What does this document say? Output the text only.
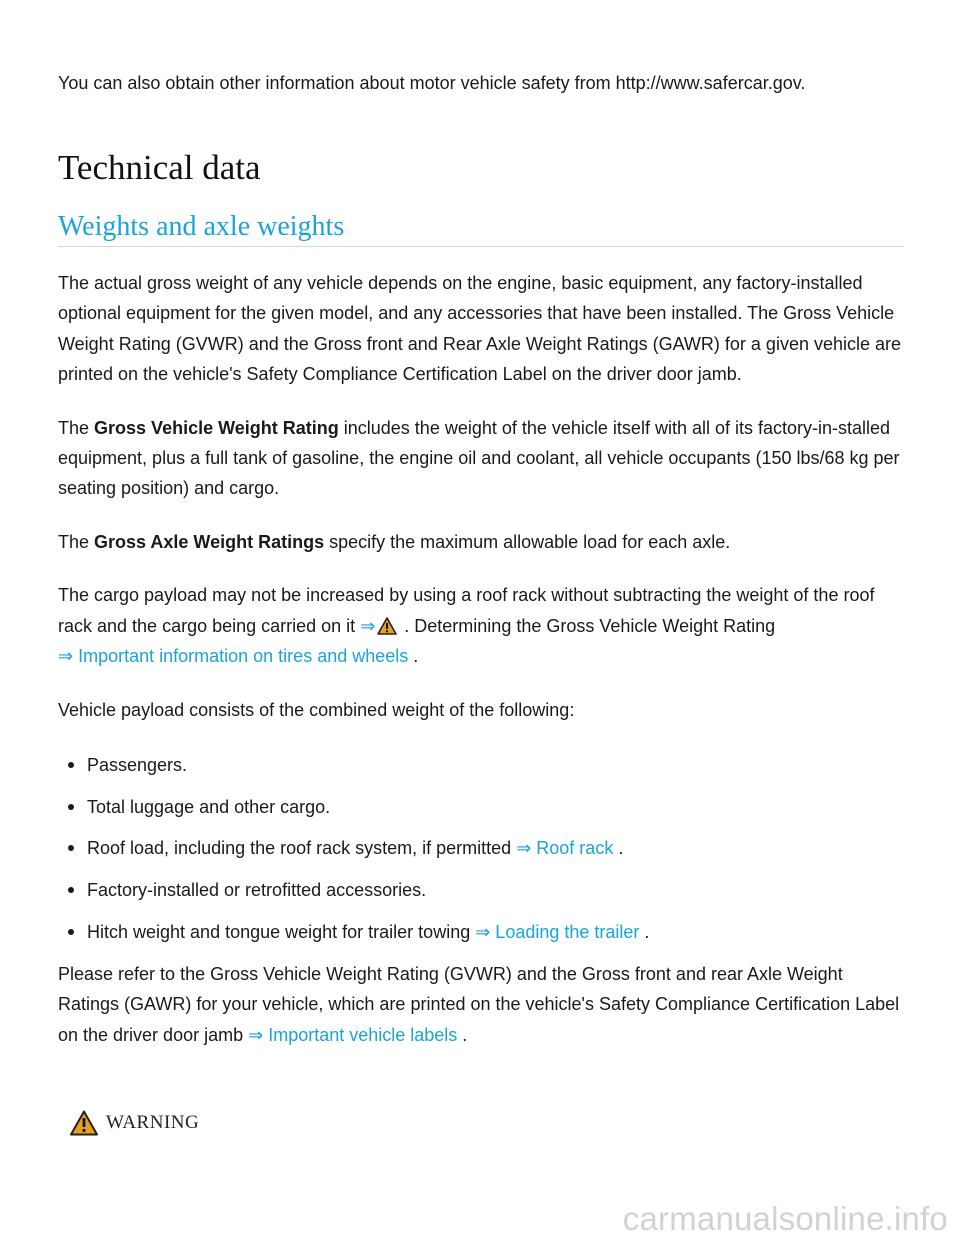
You can also obtain other information about motor vehicle safety from http://www.safercar.gov.

Technical data
Weights and axle weights

The actual gross weight of any vehicle depends on the engine, basic equipment, any factory-installed optional equipment for the given model, and any accessories that have been installed. The Gross Vehicle Weight Rating (GVWR) and the Gross front and Rear Axle Weight Ratings (GAWR) for a given vehicle are printed on the vehicle's Safety Compliance Certification Label on the driver door jamb.

The Gross Vehicle Weight Rating includes the weight of the vehicle itself with all of its factory-in-stalled equipment, plus a full tank of gasoline, the engine oil and coolant, all vehicle occupants (150 lbs/68 kg per seating position) and cargo.

The Gross Axle Weight Ratings specify the maximum allowable load for each axle.

The cargo payload may not be increased by using a roof rack without subtracting the weight of the roof rack and the cargo being carried on it ⇒ . Determining the Gross Vehicle Weight Rating
⇒ Important information on tires and wheels .

Vehicle payload consists of the combined weight of the following:

Passengers.
Total luggage and other cargo.
Roof load, including the roof rack system, if permitted ⇒ Roof rack .
Factory-installed or retrofitted accessories.
Hitch weight and tongue weight for trailer towing ⇒ Loading the trailer .

Please refer to the Gross Vehicle Weight Rating (GVWR) and the Gross front and rear Axle Weight Ratings (GAWR) for your vehicle, which are printed on the vehicle's Safety Compliance Certification Label on the driver door jamb ⇒ Important vehicle labels .

WARNING
carmanualsonline.info
